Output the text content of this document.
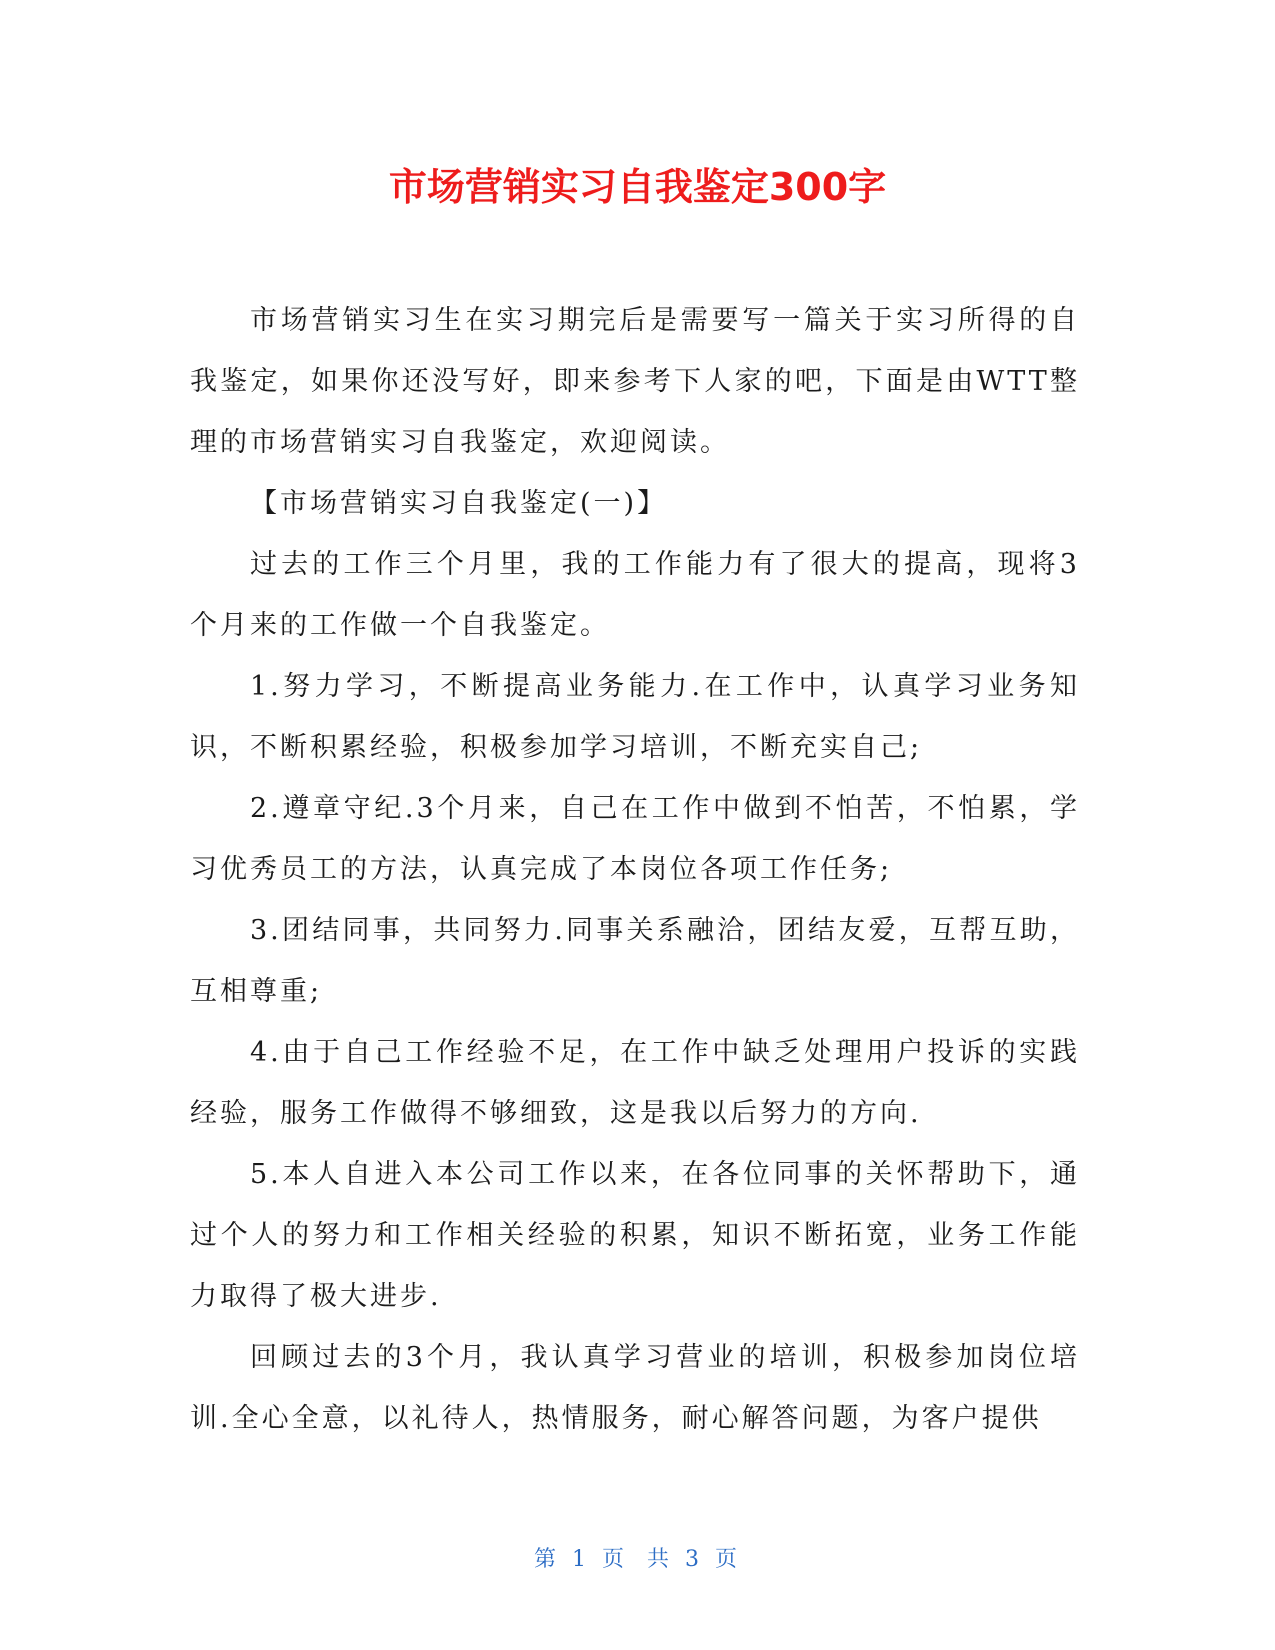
市场营销实习自我鉴定300字

市场营销实习生在实习期完后是需要写一篇关于实习所得的自我鉴定，如果你还没写好，即来参考下人家的吧，下面是由WTT整理的市场营销实习自我鉴定，欢迎阅读。

【市场营销实习自我鉴定(一)】

过去的工作三个月里，我的工作能力有了很大的提高，现将3个月来的工作做一个自我鉴定。

1.努力学习，不断提高业务能力.在工作中，认真学习业务知识，不断积累经验，积极参加学习培训，不断充实自己;

2.遵章守纪.3个月来，自己在工作中做到不怕苦，不怕累，学习优秀员工的方法，认真完成了本岗位各项工作任务;

3.团结同事，共同努力.同事关系融洽，团结友爱，互帮互助，互相尊重;

4.由于自己工作经验不足，在工作中缺乏处理用户投诉的实践经验，服务工作做得不够细致，这是我以后努力的方向.

5.本人自进入本公司工作以来，在各位同事的关怀帮助下，通过个人的努力和工作相关经验的积累，知识不断拓宽，业务工作能力取得了极大进步.

回顾过去的3个月，我认真学习营业的培训，积极参加岗位培训.全心全意，以礼待人，热情服务，耐心解答问题，为客户提供

第 1 页 共 3 页
